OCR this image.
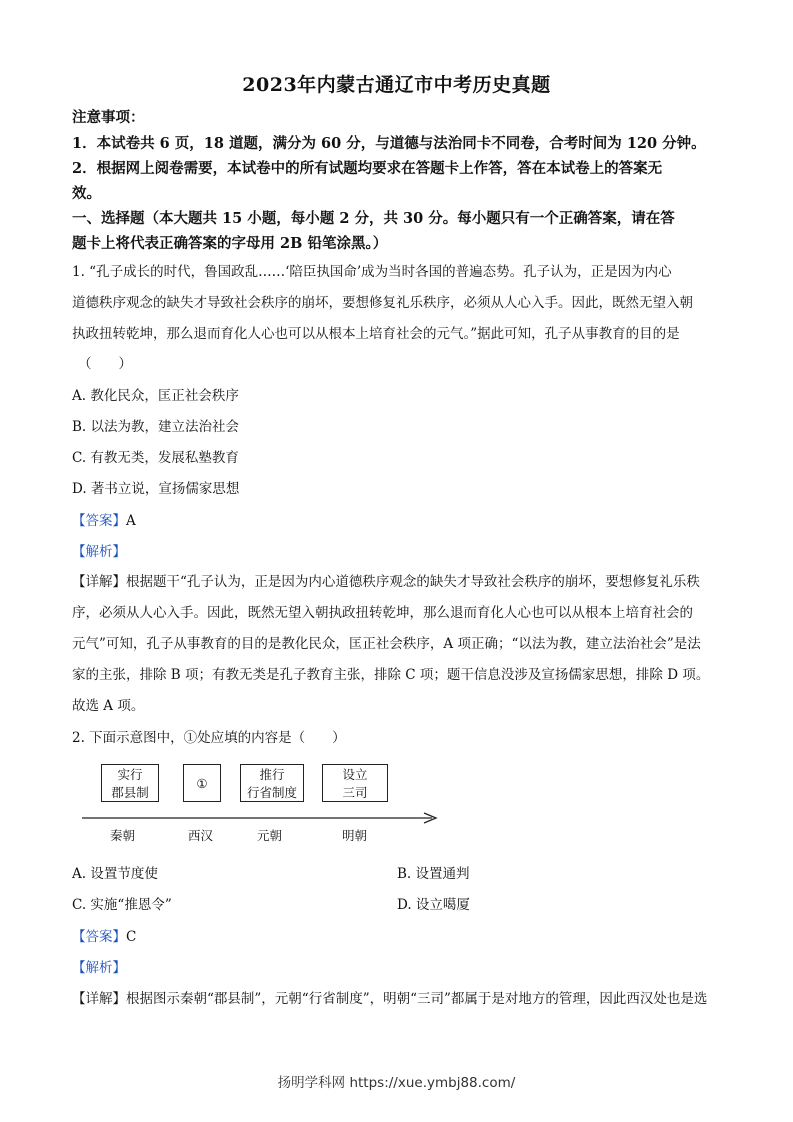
2023年内蒙古通辽市中考历史真题
注意事项：
1．本试卷共 6 页，18 道题，满分为 60 分，与道德与法治同卡不同卷，合考时间为 120 分钟。
2．根据网上阅卷需要，本试卷中的所有试题均要求在答题卡上作答，答在本试卷上的答案无
效。
一、选择题（本大题共 15 小题，每小题 2 分，共 30 分。每小题只有一个正确答案，请在答
题卡上将代表正确答案的字母用 2B 铅笔涂黑。）
1. “孔子成长的时代，鲁国政乱……‘陪臣执国命’成为当时各国的普遍态势。孔子认为，正是因为内心
道德秩序观念的缺失才导致社会秩序的崩坏，要想修复礼乐秩序，必须从人心入手。因此，既然无望入朝
执政扭转乾坤，那么退而育化人心也可以从根本上培育社会的元气。”据此可知，孔子从事教育的目的是
（　　）
A. 教化民众，匡正社会秩序
B. 以法为教，建立法治社会
C. 有教无类，发展私塾教育
D. 著书立说，宣扬儒家思想
【答案】A
【解析】
【详解】根据题干“孔子认为，正是因为内心道德秩序观念的缺失才导致社会秩序的崩坏，要想修复礼乐秩
序，必须从人心入手。因此，既然无望入朝执政扭转乾坤，那么退而育化人心也可以从根本上培育社会的
元气”可知，孔子从事教育的目的是教化民众，匡正社会秩序，A 项正确；“以法为教，建立法治社会”是法
家的主张，排除 B 项；有教无类是孔子教育主张，排除 C 项；题干信息没涉及宣扬儒家思想，排除 D 项。
故选 A 项。
2. 下面示意图中，①处应填的内容是（　　）
实行
郡县制
①
推行
行省制度
设立
三司
秦朝	西汉	元朝	明朝
A. 设置节度使	B. 设置通判
C. 实施“推恩令”	D. 设立噶厦
【答案】C
【解析】
【详解】根据图示秦朝“郡县制”，元朝“行省制度”，明朝“三司”都属于是对地方的管理，因此西汉处也是选
扬明学科网 https://xue.ymbj88.com/
